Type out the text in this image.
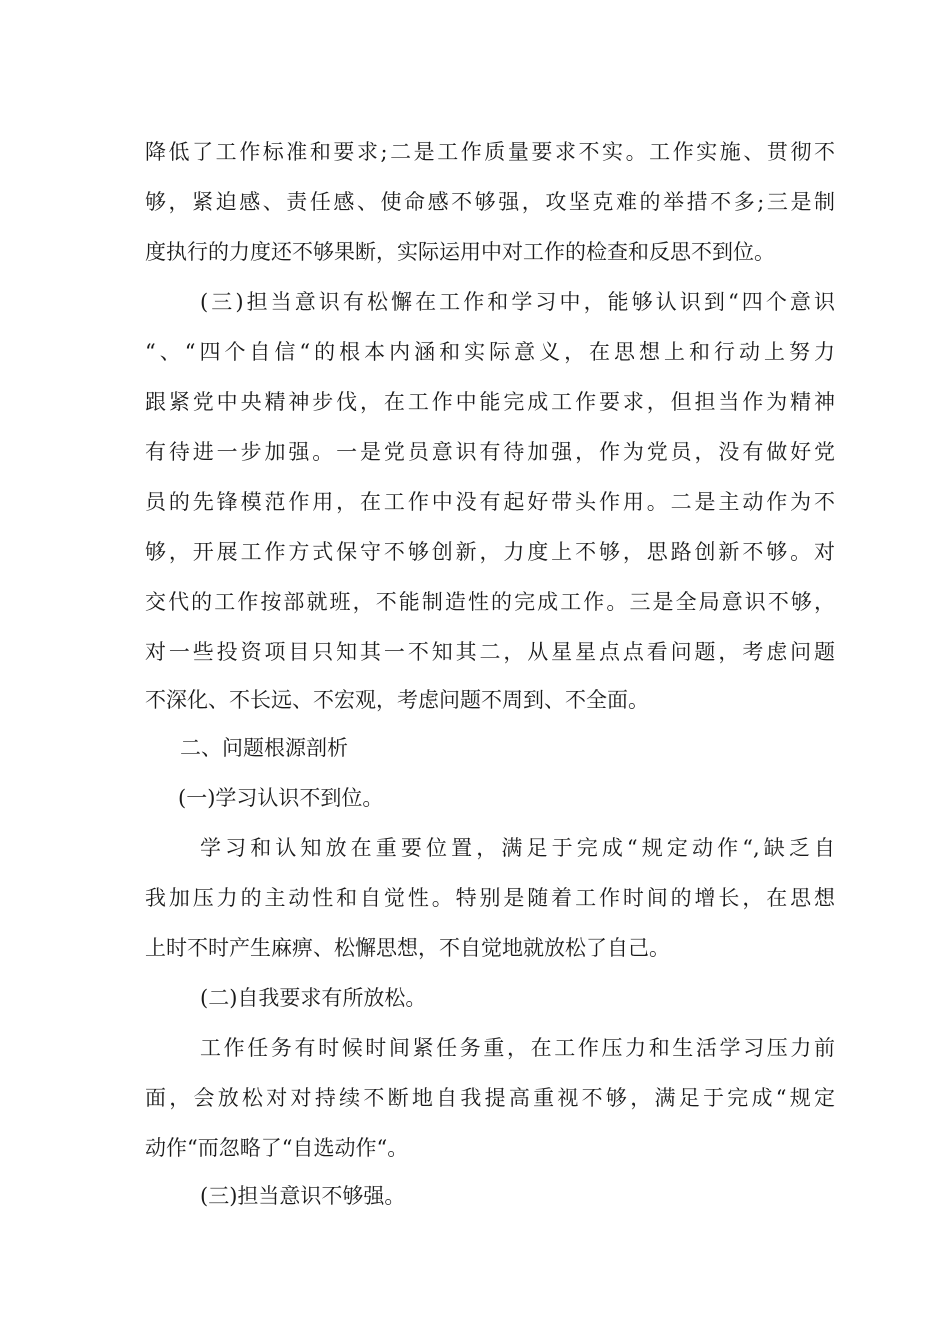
降低了工作标准和要求;二是工作质量要求不实。工作实施、贯彻不
够，紧迫感、责任感、使命感不够强，攻坚克难的举措不多;三是制
度执行的力度还不够果断，实际运用中对工作的检查和反思不到位。
(三)担当意识有松懈在工作和学习中，能够认识到“四个意识
“、“四个自信“的根本内涵和实际意义，在思想上和行动上努力
跟紧党中央精神步伐，在工作中能完成工作要求，但担当作为精神
有待进一步加强。一是党员意识有待加强，作为党员，没有做好党
员的先锋模范作用，在工作中没有起好带头作用。二是主动作为不
够，开展工作方式保守不够创新，力度上不够，思路创新不够。对
交代的工作按部就班，不能制造性的完成工作。三是全局意识不够，
对一些投资项目只知其一不知其二，从星星点点看问题，考虑问题
不深化、不长远、不宏观，考虑问题不周到、不全面。
二、问题根源剖析
(一)学习认识不到位。
学习和认知放在重要位置，满足于完成“规定动作“,缺乏自
我加压力的主动性和自觉性。特别是随着工作时间的增长，在思想
上时不时产生麻痹、松懈思想，不自觉地就放松了自己。
(二)自我要求有所放松。
工作任务有时候时间紧任务重，在工作压力和生活学习压力前
面，会放松对对持续不断地自我提高重视不够，满足于完成“规定
动作“而忽略了“自选动作“。
(三)担当意识不够强。
